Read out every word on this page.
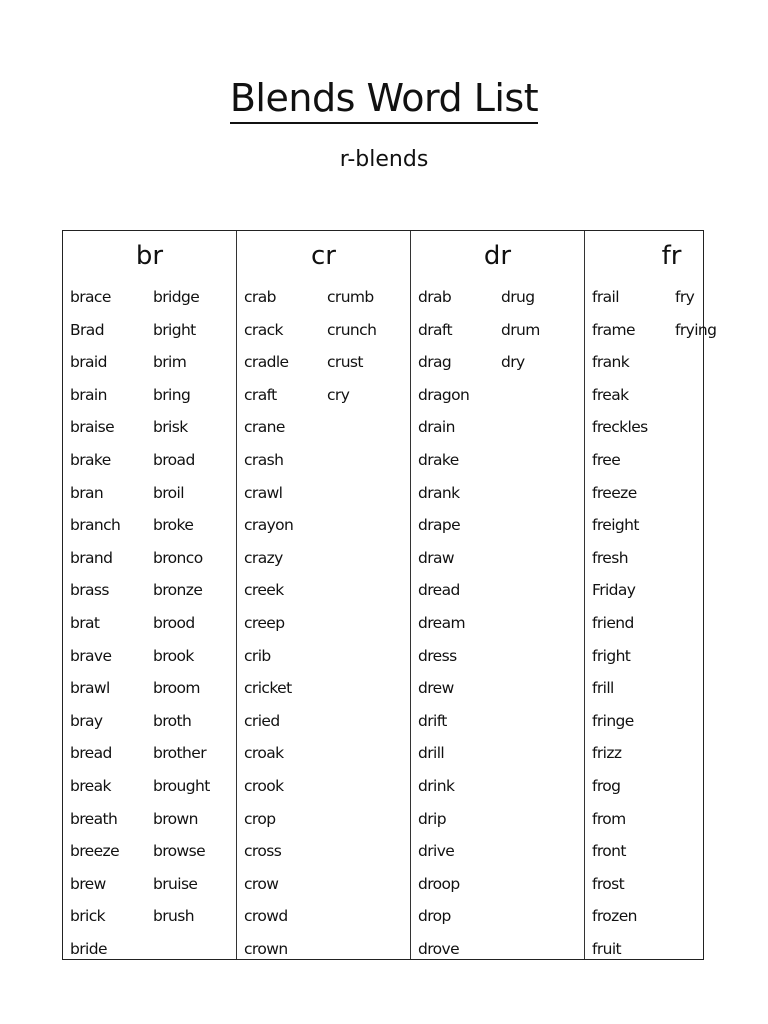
Blends Word List
r-blends
br
brace
Brad
braid
brain
braise
brake
bran
branch
brand
brass
brat
brave
brawl
bray
bread
break
breath
breeze
brew
brick
bride
bridge
bright
brim
bring
brisk
broad
broil
broke
bronco
bronze
brood
brook
broom
broth
brother
brought
brown
browse
bruise
brush
cr
crab
crack
cradle
craft
crane
crash
crawl
crayon
crazy
creek
creep
crib
cricket
cried
croak
crook
crop
cross
crow
crowd
crown
crumb
crunch
crust
cry
dr
drab
draft
drag
dragon
drain
drake
drank
drape
draw
dread
dream
dress
drew
drift
drill
drink
drip
drive
droop
drop
drove
drug
drum
dry
fr
frail
frame
frank
freak
freckles
free
freeze
freight
fresh
Friday
friend
fright
frill
fringe
frizz
frog
from
front
frost
frozen
fruit
fry
frying
